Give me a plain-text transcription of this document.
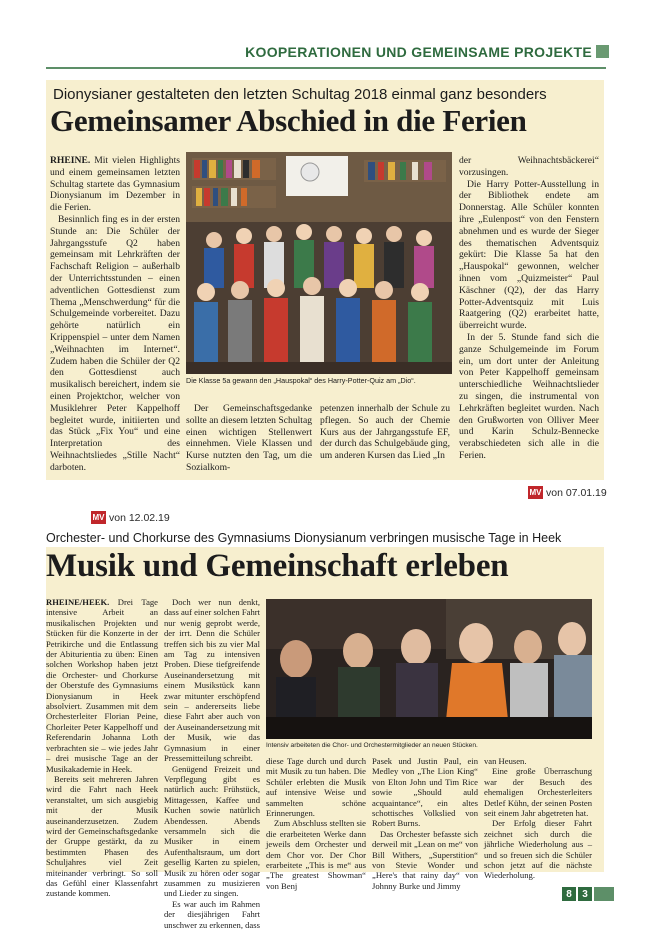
KOOPERATIONEN UND GEMEINSAME PROJEKTE
Dionysianer gestalteten den letzten Schultag 2018 einmal ganz besonders
Gemeinsamer Abschied in die Ferien

RHEINE. Mit vielen Highlights und einem gemeinsamen letzten Schultag startete das Gymnasium Dionysianum im Dezember in die Ferien.

Besinnlich fing es in der ersten Stunde an: Die Schüler der Jahrgangsstufe Q2 haben gemeinsam mit Lehrkräften der Fachschaft Religion – außerhalb der Unterrichtsstunden – einen adventlichen Gottesdienst zum Thema „Menschwerdung“ für die Schulgemeinde vorbereitet. Dazu gehörte natürlich ein Krippenspiel – unter dem Namen „Weihnachten im Internet“. Zudem haben die Schüler der Q2 den Gottesdienst auch musikalisch bereichert, indem sie einen Projektchor, welcher von Musiklehrer Peter Kappelhoff begleitet wurde, initiierten und das Stück „Fix You“ und eine Interpretation des Weihnachtsliedes „Stille Nacht“ darboten.

Die Klasse 5a gewann den „Hauspokal“ des Harry-Potter-Quiz am „Dio“.

Der Gemeinschaftsgedanke sollte an diesem letzten Schultag einen wichtigen Stellenwert einnehmen. Viele Klassen und Kurse nutzten den Tag, um die Sozialkom-

petenzen innerhalb der Schule zu pflegen. So auch der Chemie Kurs aus der Jahrgangsstufe EF, der durch das Schulgebäude ging, um anderen Kursen das Lied „In

der Weihnachtsbäckerei“ vorzusingen.

Die Harry Potter-Ausstellung in der Bibliothek endete am Donnerstag. Alle Schüler konnten ihre „Eulenpost“ von den Fenstern abnehmen und es wurde der Sieger des thematischen Adventsquiz gekürt: Die Klasse 5a hat den „Hauspokal“ gewonnen, welcher ihnen vom „Quizmeister“ Paul Käschner (Q2), der das Harry Potter-Adventsquiz mit Luis Raatgering (Q2) erarbeitet hatte, überreicht wurde.

In der 5. Stunde fand sich die ganze Schulgemeinde im Forum ein, um dort unter der Anleitung von Peter Kappelhoff gemeinsam unterschiedliche Weihnachtslieder zu singen, die instrumental von Lehrkräften begleitet wurden. Nach den Grußworten von Olliver Meer und Karin Schulz-Bennecke verabschiedeten sich alle in die Ferien.

MV von 07.01.19
MV von 12.02.19
Orchester- und Chorkurse des Gymnasiums Dionysianum verbringen musische Tage in Heek
Musik und Gemeinschaft erleben

RHEINE/HEEK. Drei Tage intensive Arbeit an musikalischen Projekten und Stücken für die Konzerte in der Petrikirche und die Entlassung der Abiturientia zu üben: Einen solchen Workshop haben jetzt die Orchester- und Chorkurse der Oberstufe des Gymnasiums Dionysianum in Heek absolviert. Zusammen mit dem Orchesterleiter Florian Peine, Chorleiter Peter Kappelhoff und Referendarin Johanna Loth verbrachten sie – wie jedes Jahr – drei musische Tage an der Musikakademie in Heek.

Bereits seit mehreren Jahren wird die Fahrt nach Heek veranstaltet, um sich ausgiebig mit der Musik auseinanderzusetzen. Zudem wird der Gemeinschaftsgedanke der Gruppe gestärkt, da zu bestimmten Phasen des Schuljahres viel Zeit miteinander verbringt. So soll das Gefühl einer Klassenfahrt zustande kommen.

Doch wer nun denkt, dass auf einer solchen Fahrt nur wenig geprobt werde, der irrt. Denn die Schüler treffen sich bis zu vier Mal am Tag zu intensiven Proben. Diese tiefgreifende Auseinandersetzung mit einem Musikstück kann zwar mitunter erschöpfend sein – andererseits liebe diese Fahrt aber auch von der Auseinandersetzung mit der Musik, wie das Gymnasium in einer Pressemitteilung schreibt.

Genügend Freizeit und Verpflegung gibt es natürlich auch: Frühstück, Mittagessen, Kaffee und Kuchen sowie natürlich Abendessen. Abends versammeln sich die Musiker in einem Aufenthaltsraum, um dort gesellig Karten zu spielen, Musik zu hören oder sogar zusammen zu musizieren und Lieder zu singen.

Es war auch im Rahmen der diesjährigen Fahrt unschwer zu erkennen, dass

Intensiv arbeiteten die Chor- und Orchestermitglieder an neuen Stücken.

diese Tage durch und durch mit Musik zu tun haben. Die Schüler erlebten die Musik auf intensive Weise und sammelten schöne Erinnerungen.

Zum Abschluss stellten sie die erarbeiteten Werke dann jeweils dem Orchester und dem Chor vor. Der Chor erarbeitete „This is me“ aus „The greatest Showman“ von Benj

Pasek und Justin Paul, ein Medley von „The Lion King“ von Elton John und Tim Rice sowie „Should auld acquaintance“, ein altes schottisches Volkslied von Robert Burns.

Das Orchester befasste sich derweil mit „Lean on me“ von Bill Withers, „Superstition“ von Stevie Wonder und „Here's that rainy day“ von Johnny Burke und Jimmy

van Heusen.

Eine große Überraschung war der Besuch des ehemaligen Orchesterleiters Detlef Kühn, der seinen Posten seit einem Jahr abgetreten hat.

Der Erfolg dieser Fahrt zeichnet sich durch die jährliche Wiederholung aus – und so freuen sich die Schüler schon jetzt auf die nächste Wiederholung.

8	3
